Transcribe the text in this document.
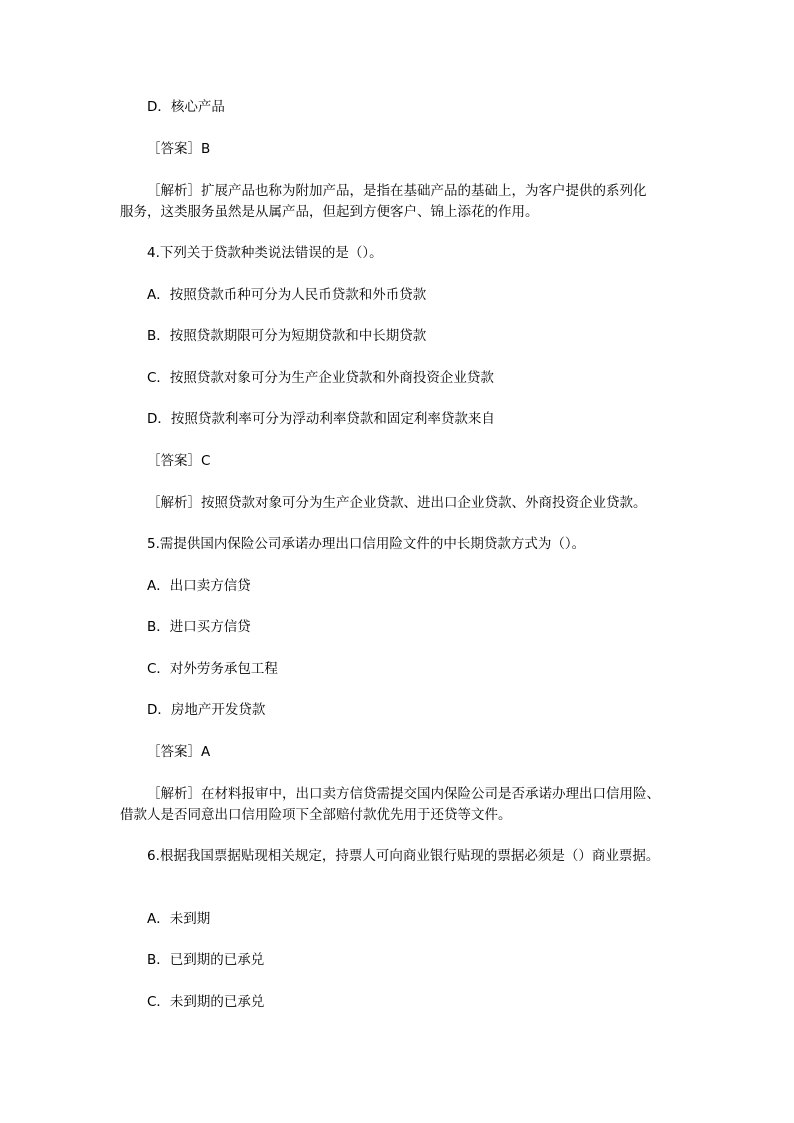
D．核心产品
［答案］B
［解析］扩展产品也称为附加产品，是指在基础产品的基础上，为客户提供的系列化
服务，这类服务虽然是从属产品，但起到方便客户、锦上添花的作用。
4.下列关于贷款种类说法错误的是（）。
A．按照贷款币种可分为人民币贷款和外币贷款
B．按照贷款期限可分为短期贷款和中长期贷款
C．按照贷款对象可分为生产企业贷款和外商投资企业贷款
D．按照贷款利率可分为浮动利率贷款和固定利率贷款来自
［答案］C
［解析］按照贷款对象可分为生产企业贷款、进出口企业贷款、外商投资企业贷款。
5.需提供国内保险公司承诺办理出口信用险文件的中长期贷款方式为（）。
A．出口卖方信贷
B．进口买方信贷
C．对外劳务承包工程
D．房地产开发贷款
［答案］A
［解析］在材料报审中，出口卖方信贷需提交国内保险公司是否承诺办理出口信用险、
借款人是否同意出口信用险项下全部赔付款优先用于还贷等文件。
6.根据我国票据贴现相关规定，持票人可向商业银行贴现的票据必须是（）商业票据。
A．未到期
B．已到期的已承兑
C．未到期的已承兑
